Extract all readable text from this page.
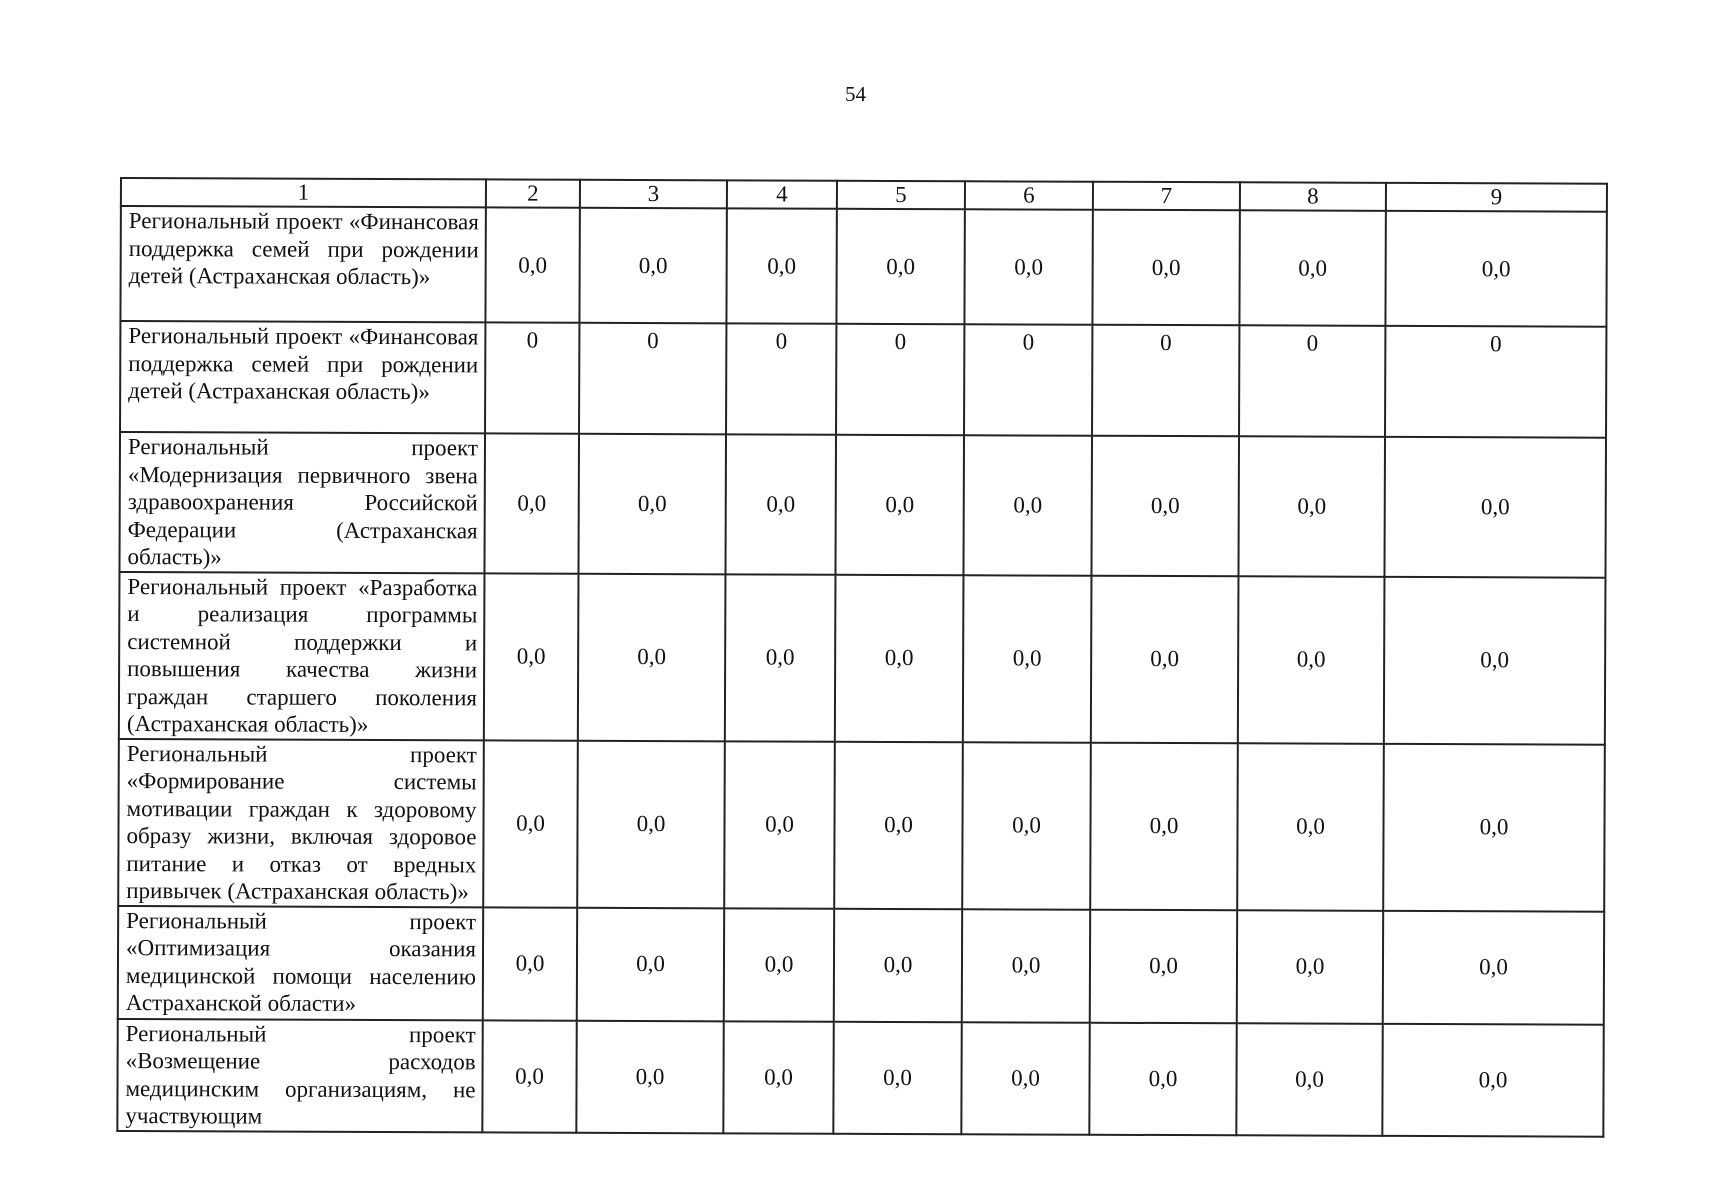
54
1	2	3	4	5	6	7	8	9
Региональный проект «Финансовая поддержка семей при рождении детей (Астраханская область)»	0,0	0,0	0,0	0,0	0,0	0,0	0,0	0,0
Региональный проект «Финансовая поддержка семей при рождении детей (Астраханская область)»	0	0	0	0	0	0	0	0
Региональный проект «Модернизация первичного звена здравоохранения Российской Федерации (Астраханская область)»	0,0	0,0	0,0	0,0	0,0	0,0	0,0	0,0
Региональный проект «Разработка и реализация программы системной поддержки и повышения качества жизни граждан старшего поколения (Астраханская область)»	0,0	0,0	0,0	0,0	0,0	0,0	0,0	0,0
Региональный проект «Формирование системы мотивации граждан к здоровому образу жизни, включая здоровое питание и отказ от вредных привычек (Астраханская область)»	0,0	0,0	0,0	0,0	0,0	0,0	0,0	0,0
Региональный проект «Оптимизация оказания медицинской помощи населению Астраханской области»	0,0	0,0	0,0	0,0	0,0	0,0	0,0	0,0
Региональный проект «Возмещение расходов медицинским организациям, не участвующим	0,0	0,0	0,0	0,0	0,0	0,0	0,0	0,0
